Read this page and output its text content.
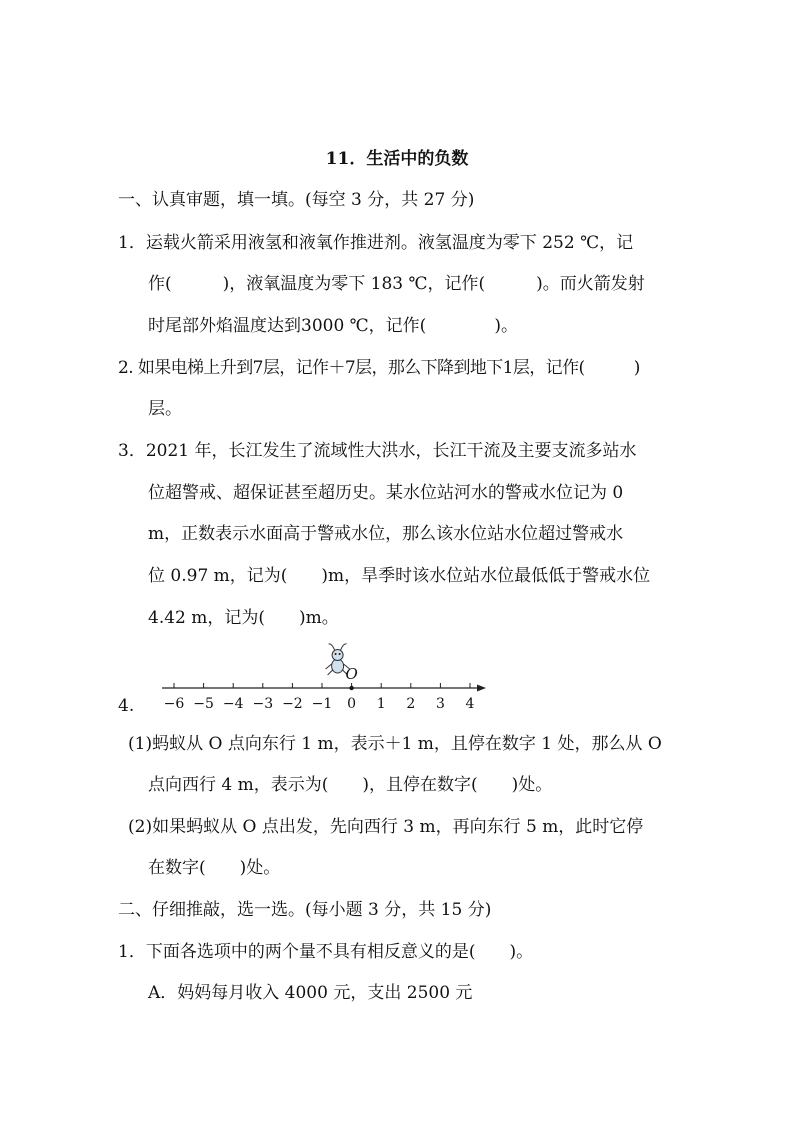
11．生活中的负数
一、认真审题，填一填。(每空 3 分，共 27 分)
1．运载火箭采用液氢和液氧作推进剂。液氢温度为零下 252 ℃，记
作(　　　)，液氧温度为零下 183 ℃，记作(　　　)。而火箭发射
时尾部外焰温度达到3000 ℃，记作(　　　　)。
2. 如果电梯上升到7层，记作＋7层，那么下降到地下1层，记作(　　　)
层。
3．2021 年，长江发生了流域性大洪水，长江干流及主要支流多站水
位超警戒、超保证甚至超历史。某水位站河水的警戒水位记为 0
m，正数表示水面高于警戒水位，那么该水位站水位超过警戒水
位 0.97 m，记为(　　)m，旱季时该水位站水位最低低于警戒水位
4.42 m，记为(　　)m。
4.
O
−6 −5 −4 −3 −2 −1 0 1 2 3 4
(1)蚂蚁从 O 点向东行 1 m，表示＋1 m，且停在数字 1 处，那么从 O
点向西行 4 m，表示为(　　)，且停在数字(　　)处。
(2)如果蚂蚁从 O 点出发，先向西行 3 m，再向东行 5 m，此时它停
在数字(　　)处。
二、仔细推敲，选一选。(每小题 3 分，共 15 分)
1．下面各选项中的两个量不具有相反意义的是(　　)。
A．妈妈每月收入 4000 元，支出 2500 元
